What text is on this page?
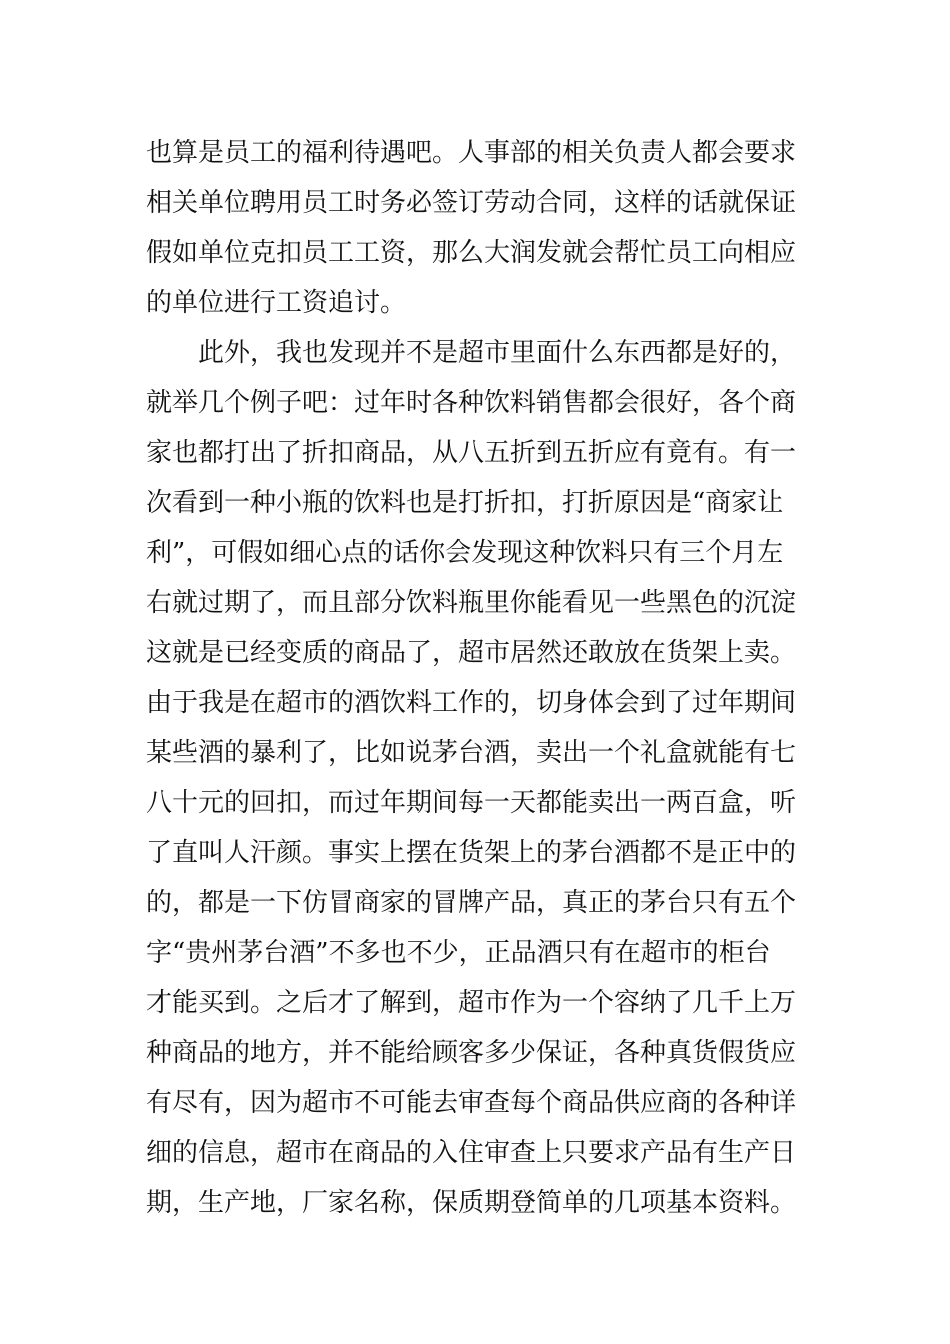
也算是员工的福利待遇吧。人事部的相关负责人都会要求
相关单位聘用员工时务必签订劳动合同，这样的话就保证
假如单位克扣员工工资，那么大润发就会帮忙员工向相应
的单位进行工资追讨。
　　此外，我也发现并不是超市里面什么东西都是好的，
就举几个例子吧：过年时各种饮料销售都会很好，各个商
家也都打出了折扣商品，从八五折到五折应有竟有。有一
次看到一种小瓶的饮料也是打折扣，打折原因是“商家让
利”，可假如细心点的话你会发现这种饮料只有三个月左
右就过期了，而且部分饮料瓶里你能看见一些黑色的沉淀
这就是已经变质的商品了，超市居然还敢放在货架上卖。
由于我是在超市的酒饮料工作的，切身体会到了过年期间
某些酒的暴利了，比如说茅台酒，卖出一个礼盒就能有七
八十元的回扣，而过年期间每一天都能卖出一两百盒，听
了直叫人汗颜。事实上摆在货架上的茅台酒都不是正中的
的，都是一下仿冒商家的冒牌产品，真正的茅台只有五个
字“贵州茅台酒”不多也不少，正品酒只有在超市的柜台
才能买到。之后才了解到，超市作为一个容纳了几千上万
种商品的地方，并不能给顾客多少保证，各种真货假货应
有尽有，因为超市不可能去审查每个商品供应商的各种详
细的信息，超市在商品的入住审查上只要求产品有生产日
期，生产地，厂家名称，保质期登简单的几项基本资料。
